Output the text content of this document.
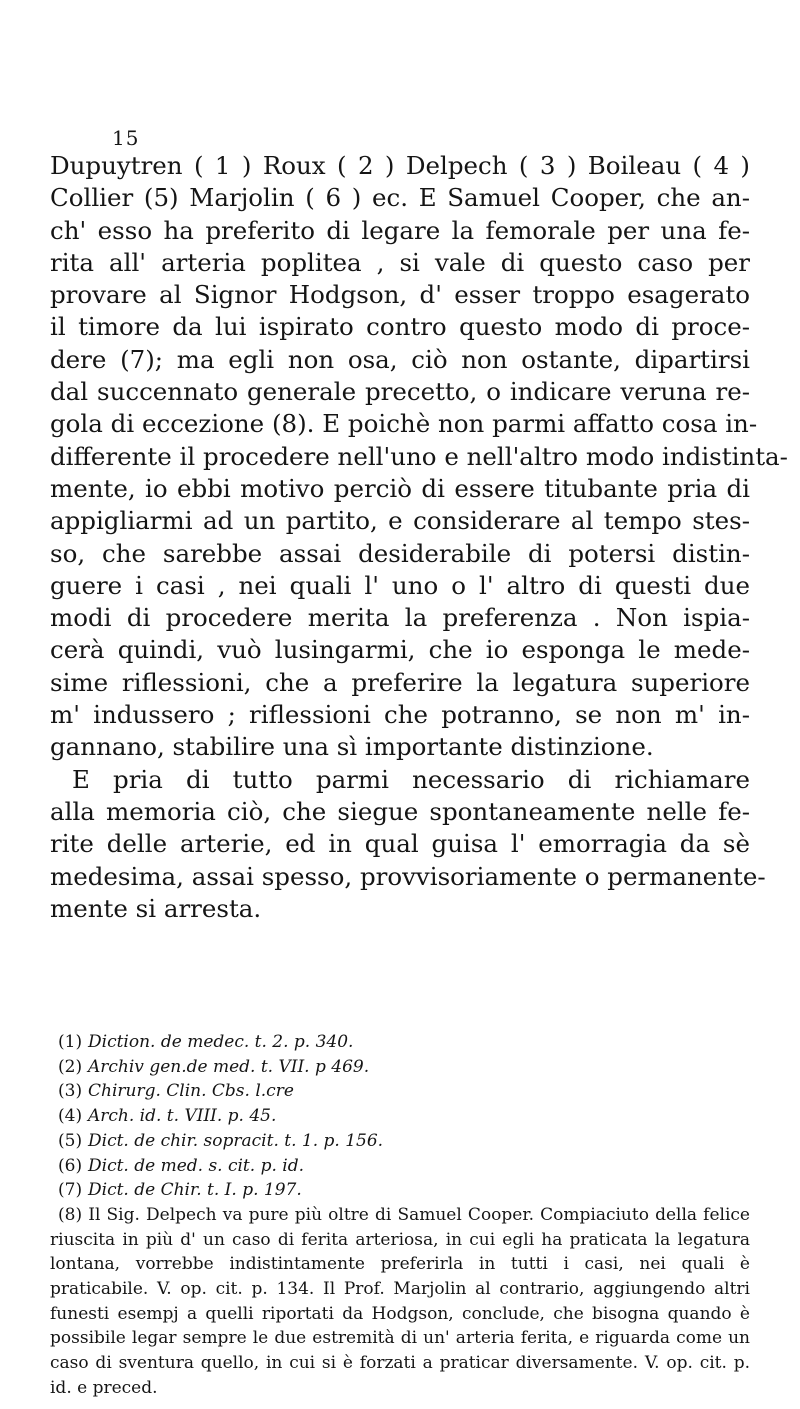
15
Dupuytren ( 1 ) Roux ( 2 ) Delpech ( 3 ) Boileau ( 4 )
Collier (5) Marjolin ( 6 ) ec. E Samuel Cooper, che an-
ch' esso ha preferito di legare la femorale per una fe-
rita all' arteria poplitea , si vale di questo caso per
provare al Signor Hodgson, d' esser troppo esagerato
il timore da lui ispirato contro questo modo di proce-
dere (7); ma egli non osa, ciò non ostante, dipartirsi
dal succennato generale precetto, o indicare veruna re-
gola di eccezione (8). E poichè non parmi affatto cosa in-
differente il procedere nell'uno e nell'altro modo indistinta-
mente, io ebbi motivo perciò di essere titubante pria di
appigliarmi ad un partito, e considerare al tempo stes-
so, che sarebbe assai desiderabile di potersi distin-
guere i casi , nei quali l' uno o l' altro di questi due
modi di procedere merita la preferenza . Non ispia-
cerà quindi, vuò lusingarmi, che io esponga le mede-
sime riflessioni, che a preferire la legatura superiore
m' indussero ; riflessioni che potranno, se non m' in-
gannano, stabilire una sì importante distinzione.
E pria di tutto parmi necessario di richiamare
alla memoria ciò, che siegue spontaneamente nelle fe-
rite delle arterie, ed in qual guisa l' emorragia da sè
medesima, assai spesso, provvisoriamente o permanente-
mente si arresta.
(1) Diction. de medec. t. 2. p. 340.
(2) Archiv gen.de med. t. VII. p 469.
(3) Chirurg. Clin. Cbs. l.cre
(4) Arch. id. t. VIII. p. 45.
(5) Dict. de chir. sopracit. t. 1. p. 156.
(6) Dict. de med. s. cit. p. id.
(7) Dict. de Chir. t. I. p. 197.
(8) Il Sig. Delpech va pure più oltre di Samuel Cooper. Compiaciuto della felice riuscita in più d' un caso di ferita arteriosa, in cui egli ha praticata la legatura lontana, vorrebbe indistintamente preferirla in tutti i casi, nei quali è praticabile. V. op. cit. p. 134. Il Prof. Marjolin al contrario, aggiungendo altri funesti esempj a quelli riportati da Hodgson, conclude, che bisogna quando è possibile legar sempre le due estremità di un' arteria ferita, e riguarda come un caso di sventura quello, in cui si è forzati a praticar diversamente. V. op. cit. p. id. e preced.
